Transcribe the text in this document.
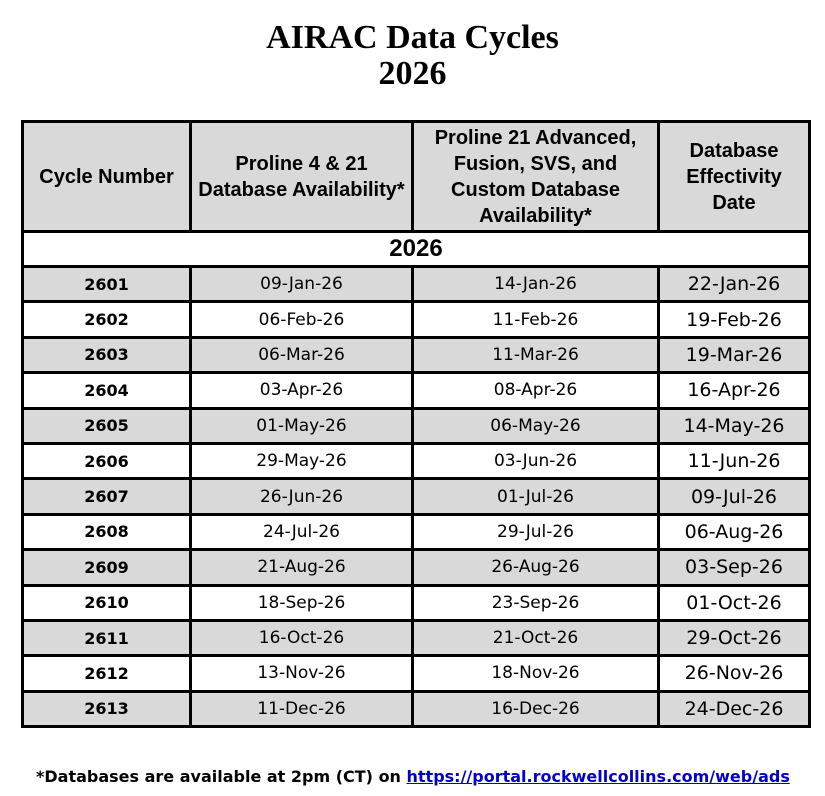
AIRAC Data Cycles
2026
Cycle Number	Proline 4 & 21 Database Availability*	Proline 21 Advanced, Fusion, SVS, and Custom Database Availability*	Database Effectivity Date
2026			
2601	09-Jan-26	14-Jan-26	22-Jan-26
2602	06-Feb-26	11-Feb-26	19-Feb-26
2603	06-Mar-26	11-Mar-26	19-Mar-26
2604	03-Apr-26	08-Apr-26	16-Apr-26
2605	01-May-26	06-May-26	14-May-26
2606	29-May-26	03-Jun-26	11-Jun-26
2607	26-Jun-26	01-Jul-26	09-Jul-26
2608	24-Jul-26	29-Jul-26	06-Aug-26
2609	21-Aug-26	26-Aug-26	03-Sep-26
2610	18-Sep-26	23-Sep-26	01-Oct-26
2611	16-Oct-26	21-Oct-26	29-Oct-26
2612	13-Nov-26	18-Nov-26	26-Nov-26
2613	11-Dec-26	16-Dec-26	24-Dec-26
*Databases are available at 2pm (CT) on https://portal.rockwellcollins.com/web/ads
